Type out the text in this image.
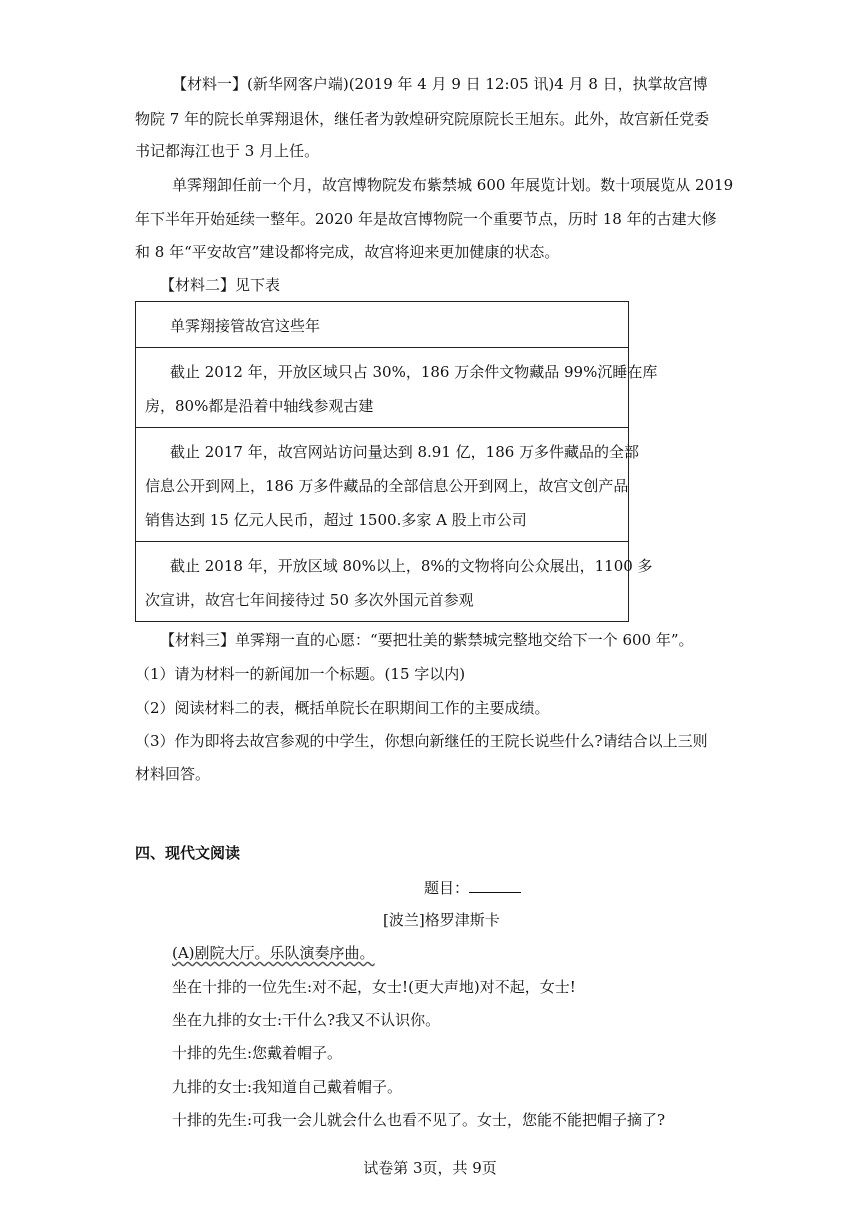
【材料一】(新华网客户端)(2019 年 4 月 9 日 12:05 讯)4 月 8 日，执掌故宫博
物院 7 年的院长单霁翔退休，继任者为敦煌研究院原院长王旭东。此外，故宫新任党委
书记都海江也于 3 月上任。
单霁翔卸任前一个月，故宫博物院发布紫禁城 600 年展览计划。数十项展览从 2019
年下半年开始延续一整年。2020 年是故宫博物院一个重要节点，历时 18 年的古建大修
和 8 年“平安故宫”建设都将完成，故宫将迎来更加健康的状态。
【材料二】见下表
单霁翔接管故宫这些年
截止 2012 年，开放区域只占 30%，186 万余件文物藏品 99%沉睡在库
房，80%都是沿着中轴线参观古建
截止 2017 年，故宫网站访问量达到 8.91 亿，186 万多件藏品的全部
信息公开到网上，186 万多件藏品的全部信息公开到网上，故宫文创产品
销售达到 15 亿元人民币，超过 1500.多家 A 股上市公司
截止 2018 年，开放区域 80%以上，8%的文物将向公众展出，1100 多
次宣讲，故宫七年间接待过 50 多次外国元首参观
【材料三】单霁翔一直的心愿：“要把壮美的紫禁城完整地交给下一个 600 年”。
（1）请为材料一的新闻加一个标题。(15 字以内)
（2）阅读材料二的表，概括单院长在职期间工作的主要成绩。
（3）作为即将去故宫参观的中学生，你想向新继任的王院长说些什么?请结合以上三则
材料回答。
四、现代文阅读
题目：
[波兰]格罗津斯卡
(A)剧院大厅。乐队演奏序曲。
坐在十排的一位先生:对不起，女士!(更大声地)对不起，女士!
坐在九排的女士:干什么?我又不认识你。
十排的先生:您戴着帽子。
九排的女士:我知道自己戴着帽子。
十排的先生:可我一会儿就会什么也看不见了。女士，您能不能把帽子摘了?
试卷第 3页，共 9页
